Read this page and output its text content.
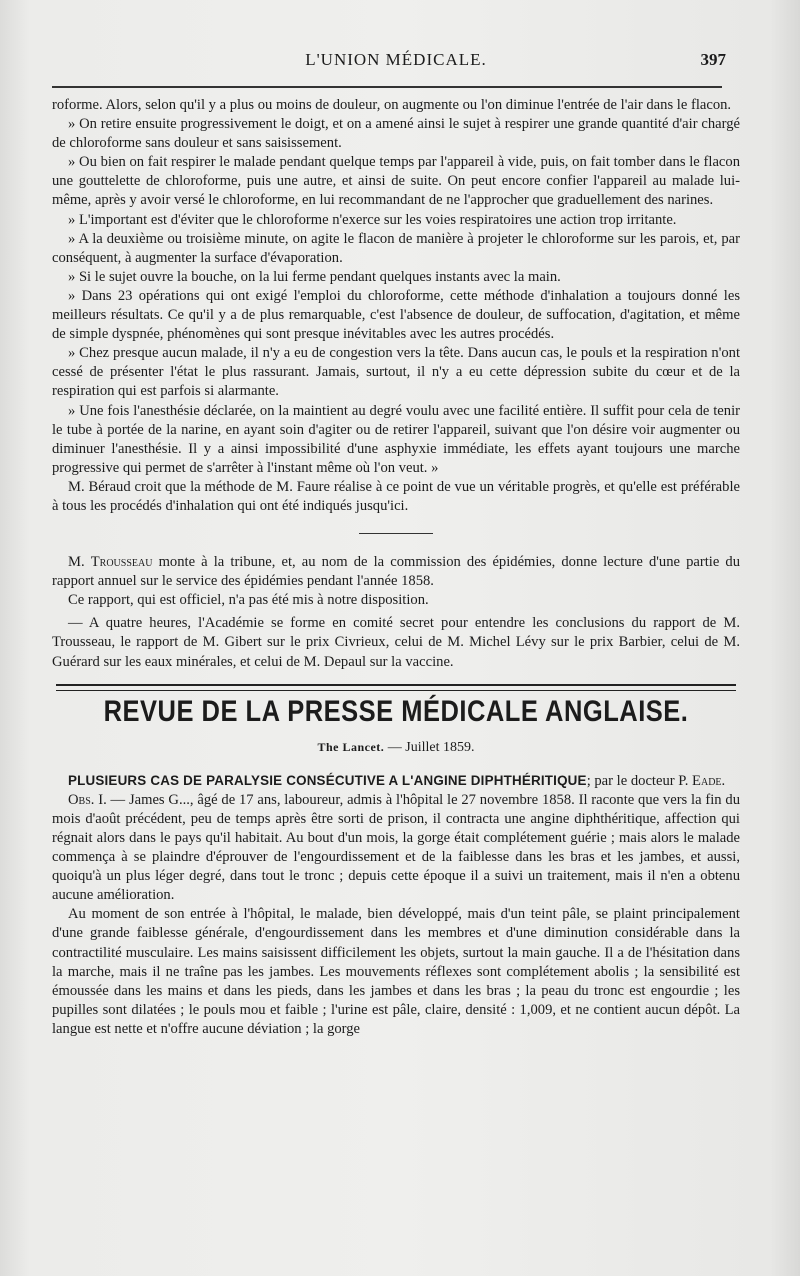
L'UNION MÉDICALE.	397

roforme. Alors, selon qu'il y a plus ou moins de douleur, on augmente ou l'on diminue l'entrée de l'air dans le flacon.

» On retire ensuite progressivement le doigt, et on a amené ainsi le sujet à respirer une grande quantité d'air chargé de chloroforme sans douleur et sans saisissement.

» Ou bien on fait respirer le malade pendant quelque temps par l'appareil à vide, puis, on fait tomber dans le flacon une gouttelette de chloroforme, puis une autre, et ainsi de suite. On peut encore confier l'appareil au malade lui-même, après y avoir versé le chloroforme, en lui recommandant de ne l'approcher que graduellement des narines.

» L'important est d'éviter que le chloroforme n'exerce sur les voies respiratoires une action trop irritante.

» A la deuxième ou troisième minute, on agite le flacon de manière à projeter le chloroforme sur les parois, et, par conséquent, à augmenter la surface d'évaporation.

» Si le sujet ouvre la bouche, on la lui ferme pendant quelques instants avec la main.

» Dans 23 opérations qui ont exigé l'emploi du chloroforme, cette méthode d'inhalation a toujours donné les meilleurs résultats. Ce qu'il y a de plus remarquable, c'est l'absence de douleur, de suffocation, d'agitation, et même de simple dyspnée, phénomènes qui sont presque inévitables avec les autres procédés.

» Chez presque aucun malade, il n'y a eu de congestion vers la tête. Dans aucun cas, le pouls et la respiration n'ont cessé de présenter l'état le plus rassurant. Jamais, surtout, il n'y a eu cette dépression subite du cœur et de la respiration qui est parfois si alarmante.

» Une fois l'anesthésie déclarée, on la maintient au degré voulu avec une facilité entière. Il suffit pour cela de tenir le tube à portée de la narine, en ayant soin d'agiter ou de retirer l'appareil, suivant que l'on désire voir augmenter ou diminuer l'anesthésie. Il y a ainsi impossibilité d'une asphyxie immédiate, les effets ayant toujours une marche progressive qui permet de s'arrêter à l'instant même où l'on veut. »

M. Béraud croit que la méthode de M. Faure réalise à ce point de vue un véritable progrès, et qu'elle est préférable à tous les procédés d'inhalation qui ont été indiqués jusqu'ici.

M. Trousseau monte à la tribune, et, au nom de la commission des épidémies, donne lecture d'une partie du rapport annuel sur le service des épidémies pendant l'année 1858.

Ce rapport, qui est officiel, n'a pas été mis à notre disposition.

— A quatre heures, l'Académie se forme en comité secret pour entendre les conclusions du rapport de M. Trousseau, le rapport de M. Gibert sur le prix Civrieux, celui de M. Michel Lévy sur le prix Barbier, celui de M. Guérard sur les eaux minérales, et celui de M. Depaul sur la vaccine.

REVUE DE LA PRESSE MÉDICALE ANGLAISE.
The Lancet. — Juillet 1859.

PLUSIEURS CAS DE PARALYSIE CONSÉCUTIVE A L'ANGINE DIPHTHÉRITIQUE; par le docteur P. Eade.

Obs. I. — James G..., âgé de 17 ans, laboureur, admis à l'hôpital le 27 novembre 1858. Il raconte que vers la fin du mois d'août précédent, peu de temps après être sorti de prison, il contracta une angine diphthéritique, affection qui régnait alors dans le pays qu'il habitait. Au bout d'un mois, la gorge était complétement guérie ; mais alors le malade commença à se plaindre d'éprouver de l'engourdissement et de la faiblesse dans les bras et les jambes, et aussi, quoiqu'à un plus léger degré, dans tout le tronc ; depuis cette époque il a suivi un traitement, mais il n'en a obtenu aucune amélioration.

Au moment de son entrée à l'hôpital, le malade, bien développé, mais d'un teint pâle, se plaint principalement d'une grande faiblesse générale, d'engourdissement dans les membres et d'une diminution considérable dans la contractilité musculaire. Les mains saisissent difficilement les objets, surtout la main gauche. Il a de l'hésitation dans la marche, mais il ne traîne pas les jambes. Les mouvements réflexes sont complétement abolis ; la sensibilité est émoussée dans les mains et dans les pieds, dans les jambes et dans les bras ; la peau du tronc est engourdie ; les pupilles sont dilatées ; le pouls mou et faible ; l'urine est pâle, claire, densité : 1,009, et ne contient aucun dépôt. La langue est nette et n'offre aucune déviation ; la gorge
